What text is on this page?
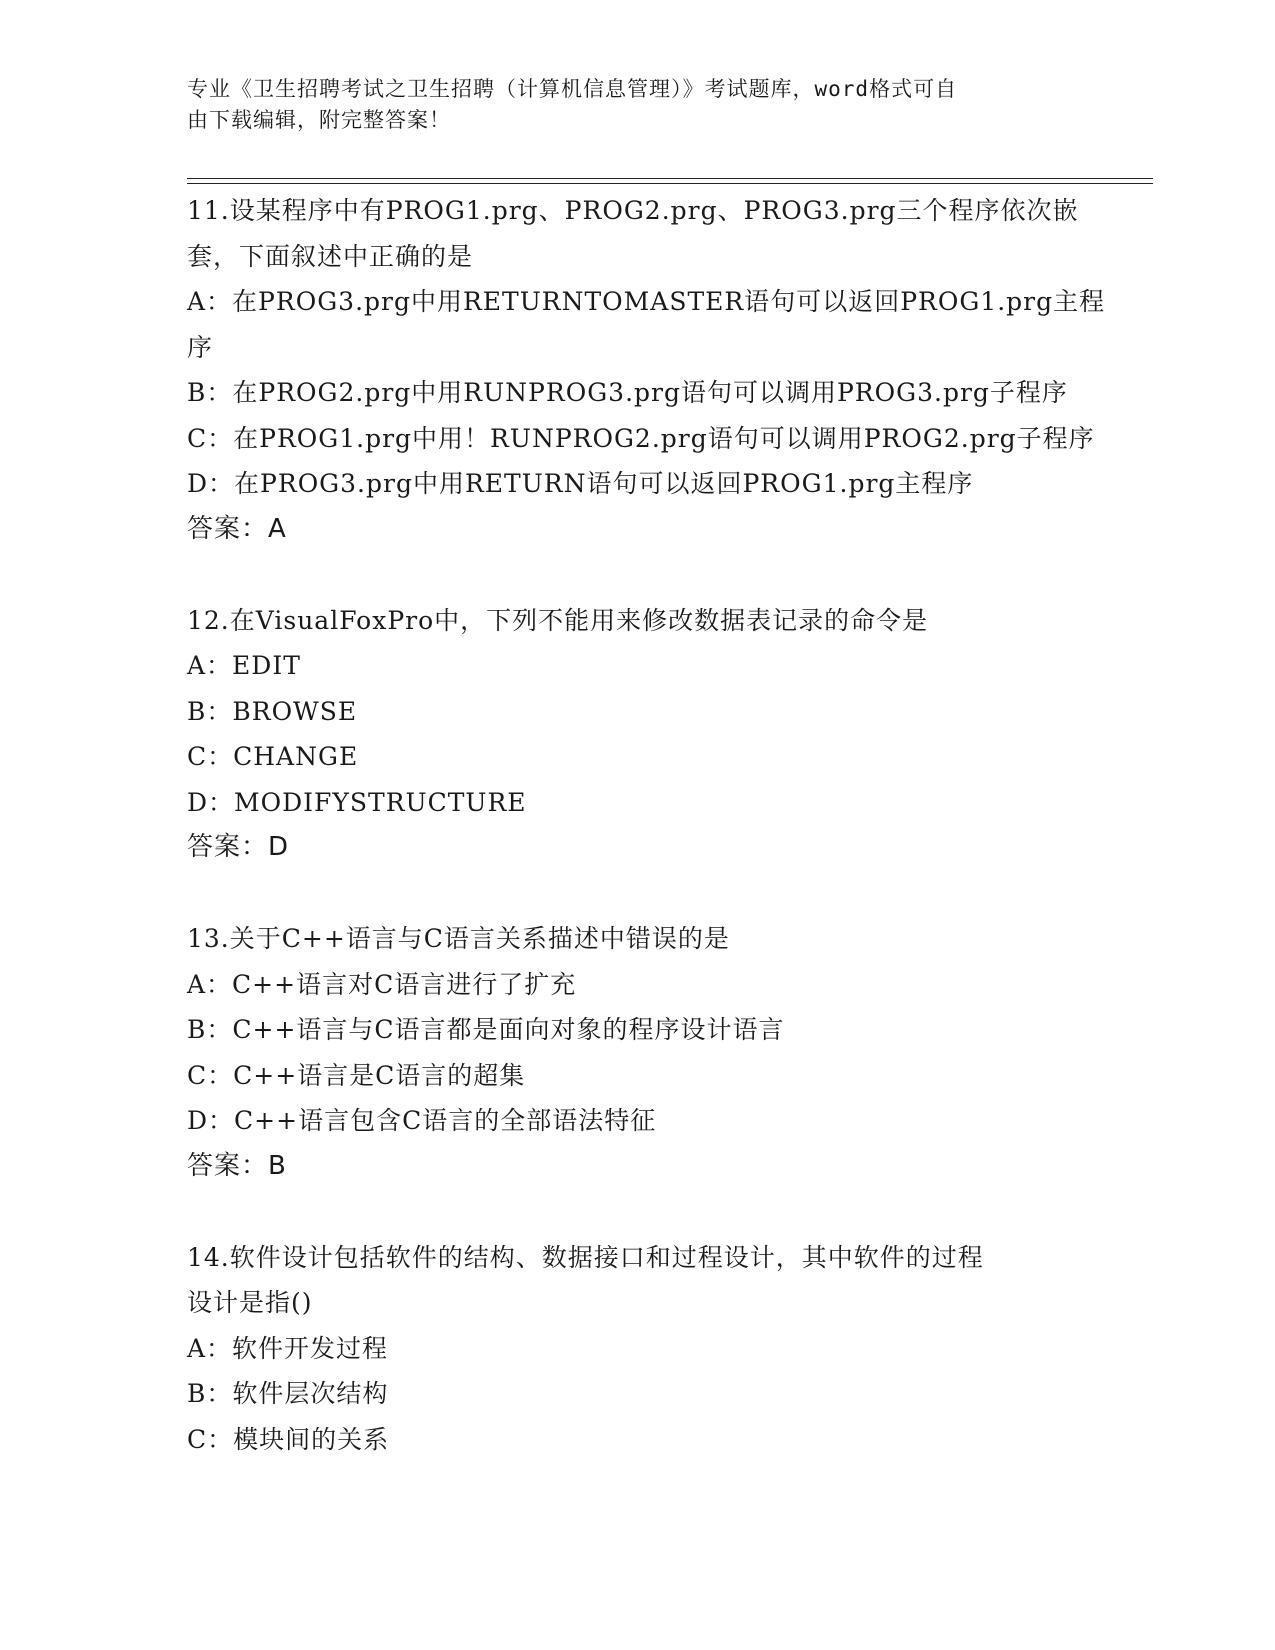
专业《卫生招聘考试之卫生招聘（计算机信息管理）》考试题库，word格式可自
由下载编辑，附完整答案！
11.设某程序中有PROG1.prg、PROG2.prg、PROG3.prg三个程序依次嵌
套，下面叙述中正确的是
A：在PROG3.prg中用RETURNTOMASTER语句可以返回PROG1.prg主程
序
B：在PROG2.prg中用RUNPROG3.prg语句可以调用PROG3.prg子程序
C：在PROG1.prg中用！RUNPROG2.prg语句可以调用PROG2.prg子程序
D：在PROG3.prg中用RETURN语句可以返回PROG1.prg主程序
答案：A
12.在VisualFoxPro中，下列不能用来修改数据表记录的命令是
A：EDIT
B：BROWSE
C：CHANGE
D：MODIFYSTRUCTURE
答案：D
13.关于C++语言与C语言关系描述中错误的是
A：C++语言对C语言进行了扩充
B：C++语言与C语言都是面向对象的程序设计语言
C：C++语言是C语言的超集
D：C++语言包含C语言的全部语法特征
答案：B
14.软件设计包括软件的结构、数据接口和过程设计，其中软件的过程
设计是指()
A：软件开发过程
B：软件层次结构
C：模块间的关系
